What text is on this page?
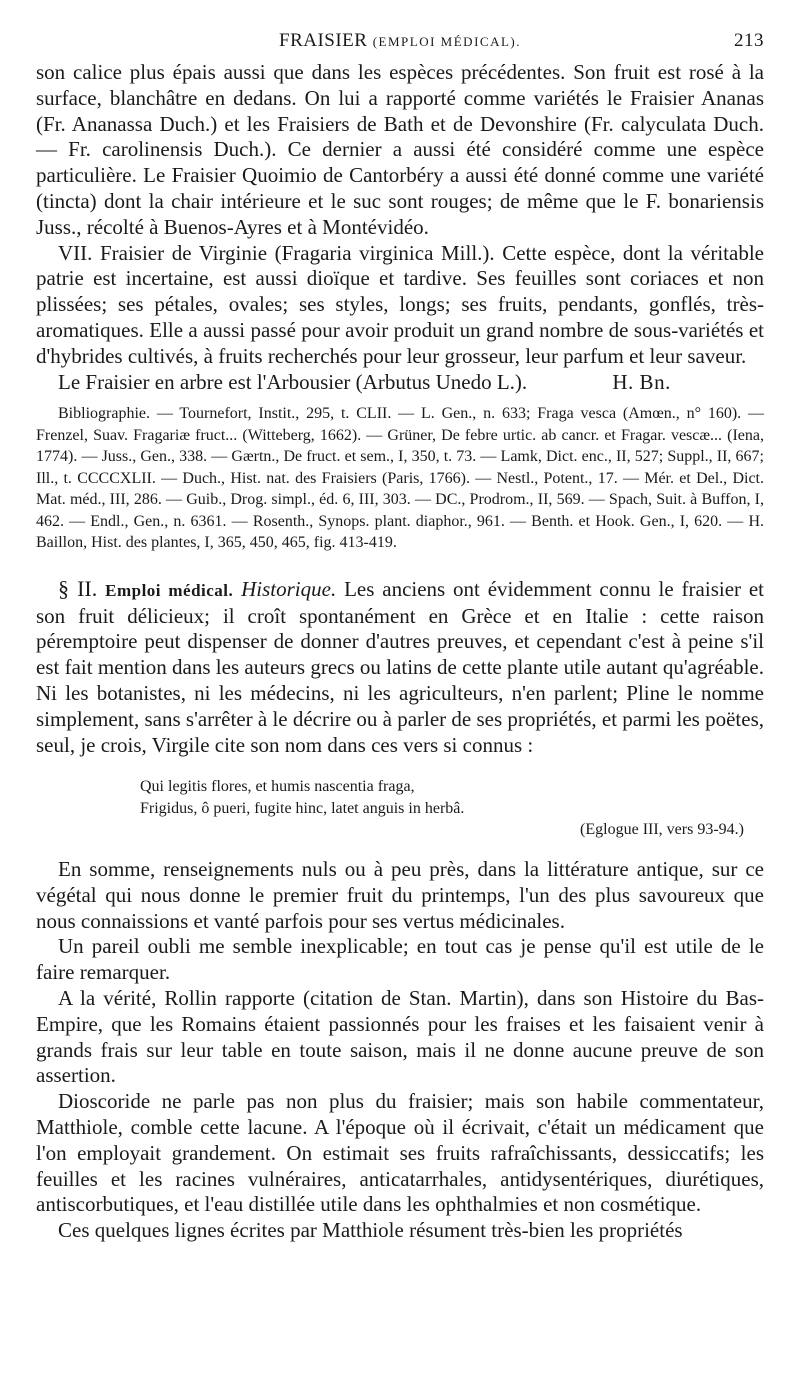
FRAISIER (EMPLOI MÉDICAL).	213

son calice plus épais aussi que dans les espèces précédentes. Son fruit est rosé à la surface, blanchâtre en dedans. On lui a rapporté comme variétés le Fraisier Ananas (Fr. Ananassa Duch.) et les Fraisiers de Bath et de Devonshire (Fr. calyculata Duch. — Fr. carolinensis Duch.). Ce dernier a aussi été considéré comme une espèce particulière. Le Fraisier Quoimio de Cantorbéry a aussi été donné comme une variété (tincta) dont la chair intérieure et le suc sont rouges; de même que le F. bonariensis Juss., récolté à Buenos-Ayres et à Montévidéo.

VII. Fraisier de Virginie (Fragaria virginica Mill.). Cette espèce, dont la véritable patrie est incertaine, est aussi dioïque et tardive. Ses feuilles sont coriaces et non plissées; ses pétales, ovales; ses styles, longs; ses fruits, pendants, gonflés, très-aromatiques. Elle a aussi passé pour avoir produit un grand nombre de sous-variétés et d'hybrides cultivés, à fruits recherchés pour leur grosseur, leur parfum et leur saveur.

Le Fraisier en arbre est l'Arbousier (Arbutus Unedo L.).	H. Bn.

Bibliographie. — Tournefort, Instit., 295, t. CLII. — L. Gen., n. 633; Fraga vesca (Amœn., n° 160). — Frenzel, Suav. Fragariæ fruct... (Witteberg, 1662). — Grüner, De febre urtic. ab cancr. et Fragar. vescæ... (Iena, 1774). — Juss., Gen., 338. — Gærtn., De fruct. et sem., I, 350, t. 73. — Lamk, Dict. enc., II, 527; Suppl., II, 667; Ill., t. CCCCXLII. — Duch., Hist. nat. des Fraisiers (Paris, 1766). — Nestl., Potent., 17. — Mér. et Del., Dict. Mat. méd., III, 286. — Guib., Drog. simpl., éd. 6, III, 303. — DC., Prodrom., II, 569. — Spach, Suit. à Buffon, I, 462. — Endl., Gen., n. 6361. — Rosenth., Synops. plant. diaphor., 961. — Benth. et Hook. Gen., I, 620. — H. Baillon, Hist. des plantes, I, 365, 450, 465, fig. 413-419.

§ II. Emploi médical. Historique. Les anciens ont évidemment connu le fraisier et son fruit délicieux; il croît spontanément en Grèce et en Italie : cette raison péremptoire peut dispenser de donner d'autres preuves, et cependant c'est à peine s'il est fait mention dans les auteurs grecs ou latins de cette plante utile autant qu'agréable. Ni les botanistes, ni les médecins, ni les agriculteurs, n'en parlent; Pline le nomme simplement, sans s'arrêter à le décrire ou à parler de ses propriétés, et parmi les poëtes, seul, je crois, Virgile cite son nom dans ces vers si connus :

Qui legitis flores, et humis nascentia fraga,
Frigidus, ô pueri, fugite hinc, latet anguis in herbâ.
(Eglogue III, vers 93-94.)

En somme, renseignements nuls ou à peu près, dans la littérature antique, sur ce végétal qui nous donne le premier fruit du printemps, l'un des plus savoureux que nous connaissions et vanté parfois pour ses vertus médicinales.

Un pareil oubli me semble inexplicable; en tout cas je pense qu'il est utile de le faire remarquer.

A la vérité, Rollin rapporte (citation de Stan. Martin), dans son Histoire du Bas-Empire, que les Romains étaient passionnés pour les fraises et les faisaient venir à grands frais sur leur table en toute saison, mais il ne donne aucune preuve de son assertion.

Dioscoride ne parle pas non plus du fraisier; mais son habile commentateur, Matthiole, comble cette lacune. A l'époque où il écrivait, c'était un médicament que l'on employait grandement. On estimait ses fruits rafraîchissants, dessiccatifs; les feuilles et les racines vulnéraires, anticatarrhales, antidysentériques, diurétiques, antiscorbutiques, et l'eau distillée utile dans les ophthalmies et non cosmétique.

Ces quelques lignes écrites par Matthiole résument très-bien les propriétés
